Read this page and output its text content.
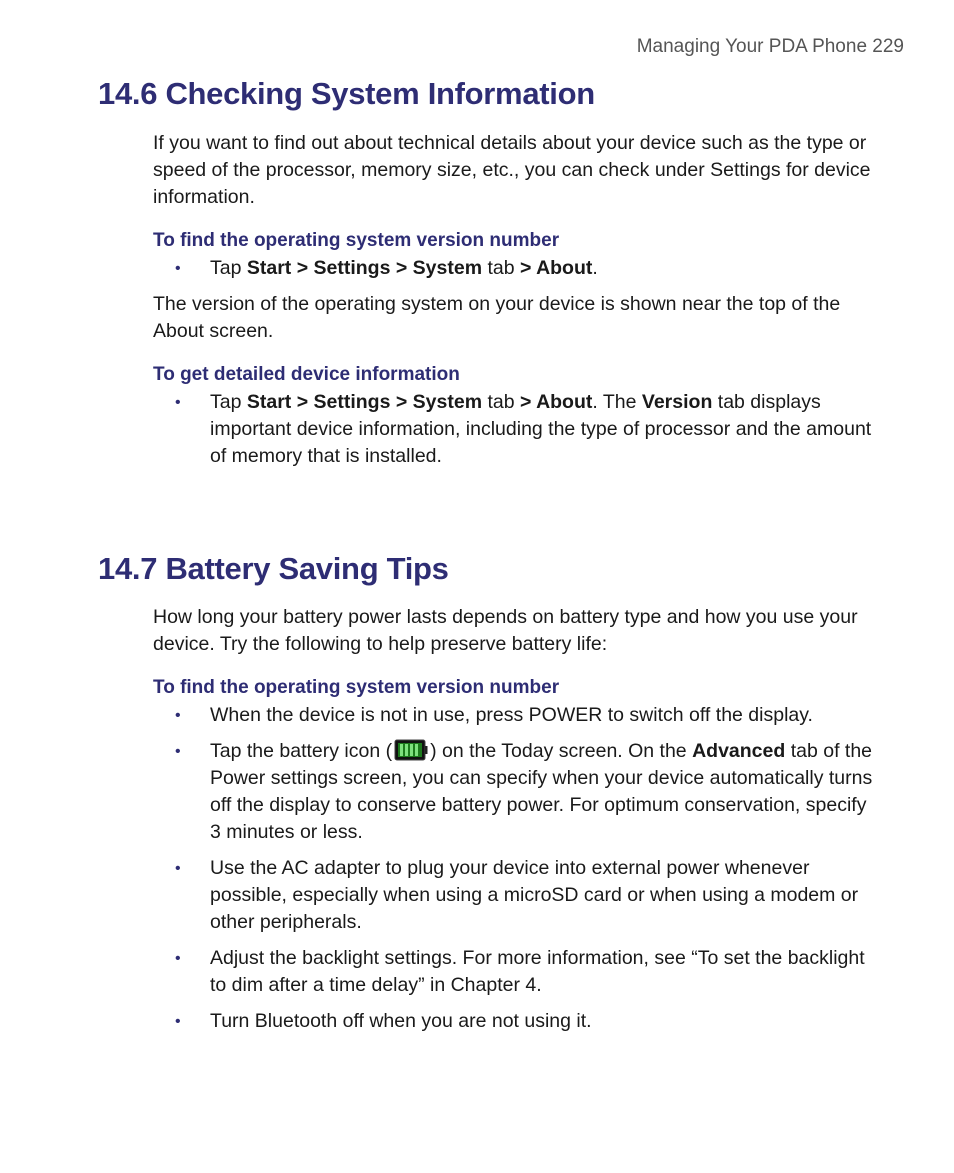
Managing Your PDA Phone 229
14.6 Checking System Information

If you want to find out about technical details about your device such as the type or speed of the processor, memory size, etc., you can check under Settings for device information.

To find the operating system version number
• Tap Start > Settings > System tab > About.

The version of the operating system on your device is shown near the top of the About screen.

To get detailed device information
• Tap Start > Settings > System tab > About. The Version tab displays important device information, including the type of processor and the amount of memory that is installed.
14.7 Battery Saving Tips

How long your battery power lasts depends on battery type and how you use your device. Try the following to help preserve battery life:

To find the operating system version number
• When the device is not in use, press POWER to switch off the display.
• Tap the battery icon ( ) on the Today screen. On the Advanced tab of the Power settings screen, you can specify when your device automatically turns off the display to conserve battery power. For optimum conservation, specify 3 minutes or less.
• Use the AC adapter to plug your device into external power whenever possible, especially when using a microSD card or when using a modem or other peripherals.
• Adjust the backlight settings. For more information, see “To set the backlight to dim after a time delay” in Chapter 4.
• Turn Bluetooth off when you are not using it.
